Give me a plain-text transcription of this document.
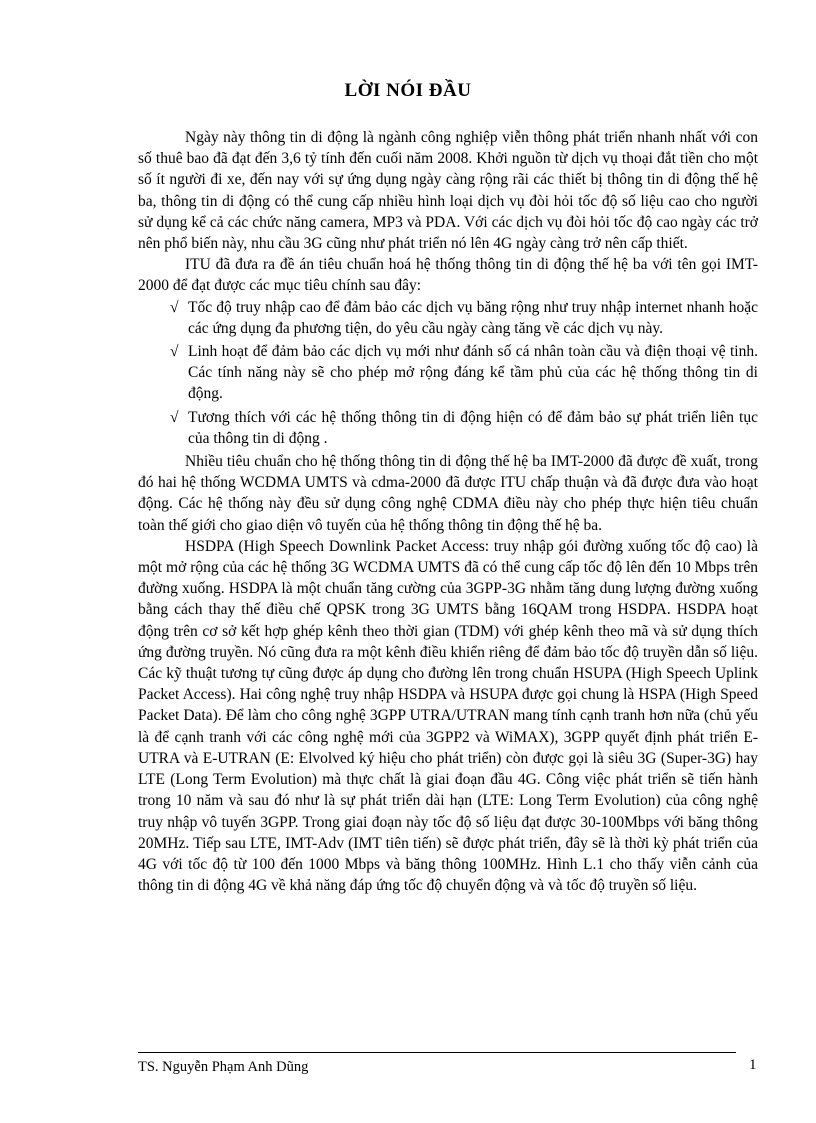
LỜI NÓI ĐẦU

Ngày này thông tin di động là ngành công nghiệp viễn thông phát triển nhanh nhất với con số thuê bao đã đạt đến 3,6 tỷ tính đến cuối năm 2008. Khởi nguồn từ dịch vụ thoại đắt tiền cho một số ít người đi xe, đến nay với sự ứng dụng ngày càng rộng rãi các thiết bị thông tin di động thế hệ ba, thông tin di động có thể cung cấp nhiều hình loại dịch vụ đòi hỏi tốc độ số liệu cao cho người sử dụng kể cả các chức năng camera, MP3 và PDA. Với các dịch vụ đòi hỏi tốc độ cao ngày các trở nên phổ biến này, nhu cầu 3G cũng như phát triển nó lên 4G ngày càng trở nên cấp thiết.

ITU đã đưa ra đề án tiêu chuẩn hoá hệ thống thông tin di động thế hệ ba với tên gọi IMT-2000 để đạt được các mục tiêu chính sau đây:

√ Tốc độ truy nhập cao để đảm bảo các dịch vụ băng rộng như truy nhập internet nhanh hoặc các ứng dụng đa phương tiện, do yêu cầu ngày càng tăng về các dịch vụ này.
√ Linh hoạt để đảm bảo các dịch vụ mới như đánh số cá nhân toàn cầu và điện thoại vệ tinh. Các tính năng này sẽ cho phép mở rộng đáng kể tầm phủ của các hệ thống thông tin di động.
√ Tương thích với các hệ thống thông tin di động hiện có để đảm bảo sự phát triển liên tục của thông tin di động .

Nhiều tiêu chuẩn cho hệ thống thông tin di động thế hệ ba IMT-2000 đã được đề xuất, trong đó hai hệ thống WCDMA UMTS và cdma-2000 đã được ITU chấp thuận và đã được đưa vào hoạt động. Các hệ thống này đều sử dụng công nghệ CDMA điều này cho phép thực hiện tiêu chuẩn toàn thế giới cho giao diện vô tuyến của hệ thống thông tin động thế hệ ba.

HSDPA (High Speech Downlink Packet Access: truy nhập gói đường xuống tốc độ cao) là một mở rộng của các hệ thống 3G WCDMA UMTS đã có thể cung cấp tốc độ lên đến 10 Mbps trên đường xuống. HSDPA là một chuẩn tăng cường của 3GPP-3G nhằm tăng dung lượng đường xuống bằng cách thay thế điều chế QPSK trong 3G UMTS bằng 16QAM trong HSDPA. HSDPA hoạt động trên cơ sở kết hợp ghép kênh theo thời gian (TDM) với ghép kênh theo mã và sử dụng thích ứng đường truyền. Nó cũng đưa ra một kênh điều khiển riêng để đảm bảo tốc độ truyền dẫn số liệu. Các kỹ thuật tương tự cũng được áp dụng cho đường lên trong chuẩn HSUPA (High Speech Uplink Packet Access). Hai công nghệ truy nhập HSDPA và HSUPA được gọi chung là HSPA (High Speed Packet Data). Để làm cho công nghệ 3GPP UTRA/UTRAN mang tính cạnh tranh hơn nữa (chủ yếu là để cạnh tranh với các công nghệ mới của 3GPP2 và WiMAX), 3GPP quyết định phát triển E-UTRA và E-UTRAN (E: Elvolved ký hiệu cho phát triển) còn được gọi là siêu 3G (Super-3G) hay LTE (Long Term Evolution) mà thực chất là giai đoạn đầu 4G. Công việc phát triển sẽ tiến hành trong 10 năm và sau đó như là sự phát triển dài hạn (LTE: Long Term Evolution) của công nghệ truy nhập vô tuyến 3GPP. Trong giai đoạn này tốc độ số liệu đạt được 30-100Mbps với băng thông 20MHz. Tiếp sau LTE, IMT-Adv (IMT tiên tiến) sẽ được phát triển, đây sẽ là thời kỳ phát triển của 4G với tốc độ từ 100 đến 1000 Mbps và băng thông 100MHz. Hình L.1 cho thấy viễn cảnh của thông tin di động 4G về khả năng đáp ứng tốc độ chuyển động và và tốc độ truyền số liệu.

TS. Nguyễn Phạm Anh Dũng	1
